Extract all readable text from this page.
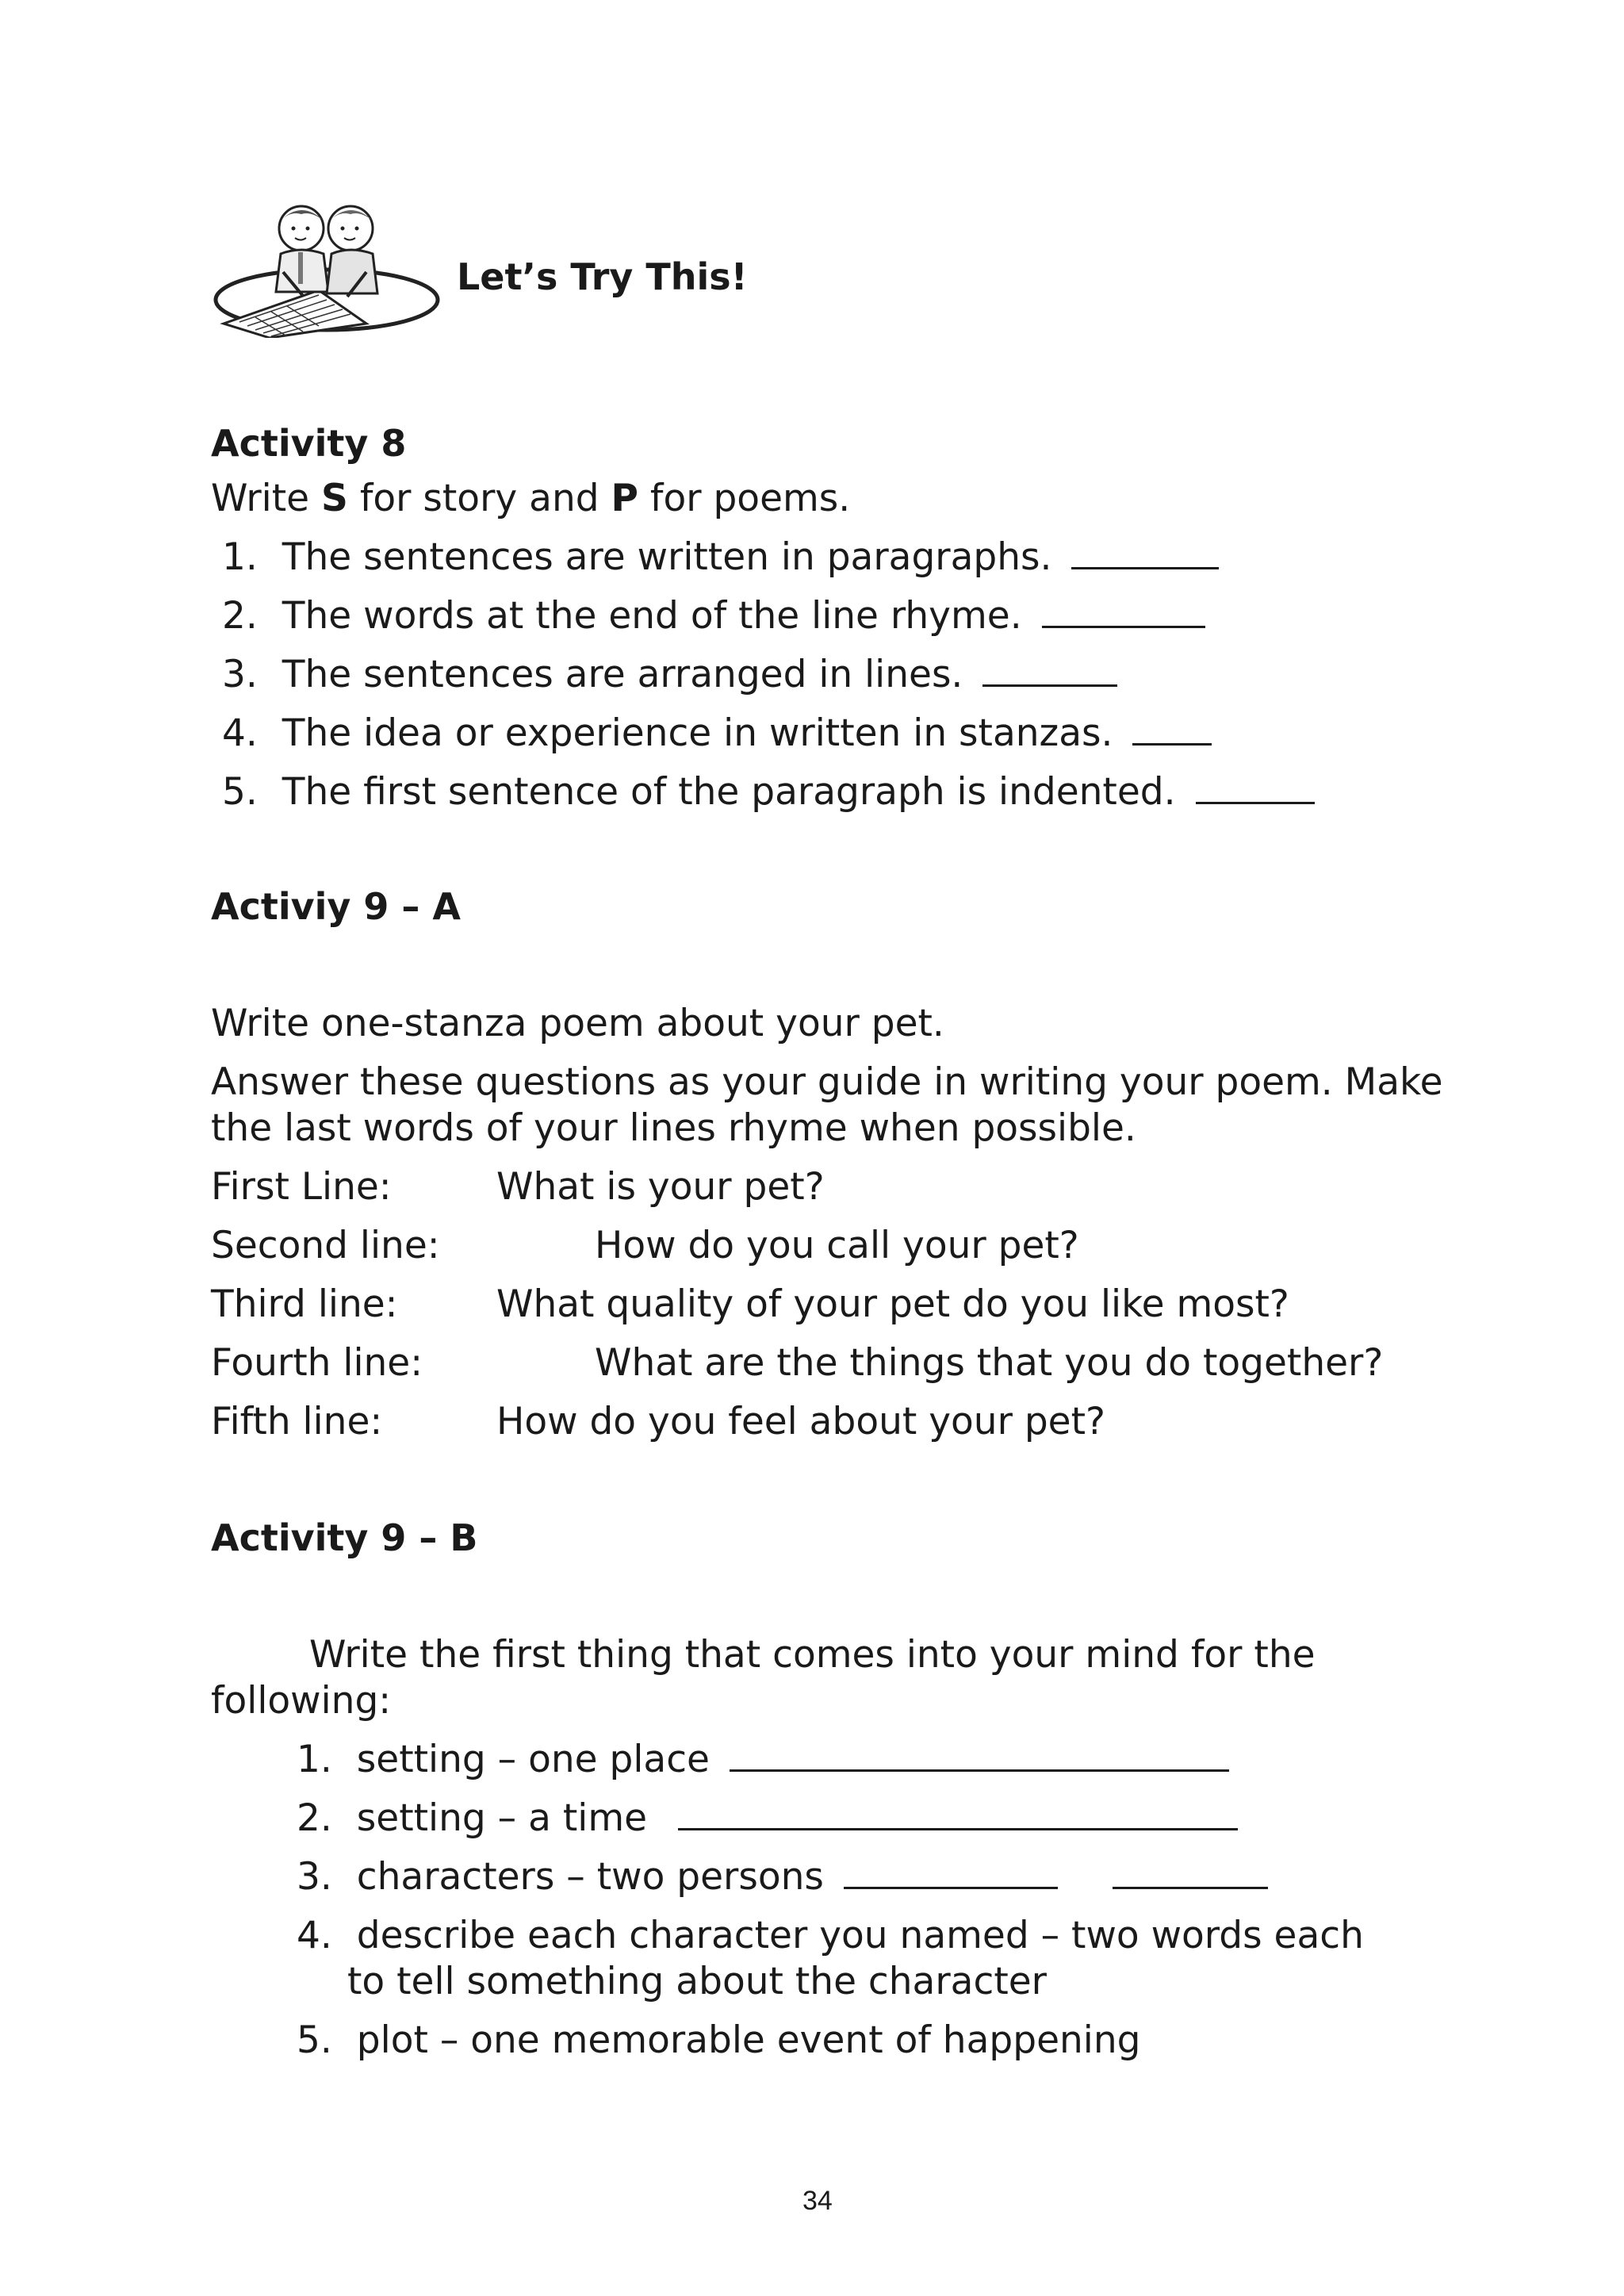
Let’s Try This!
Activity 8
Write S for story and P for poems.
1. The sentences are written in paragraphs.
2. The words at the end of the line rhyme.
3. The sentences are arranged in lines.
4. The idea or experience in written in stanzas.
5. The first sentence of the paragraph is indented.
Activiy 9 – A
Write one-stanza poem about your pet.
Answer these questions as your guide in writing your poem. Make
the last words of your lines rhyme when possible.
First Line:	What is your pet?
Second line:	How do you call your pet?
Third line:	What quality of your pet do you like most?
Fourth line:	What are the things that you do together?
Fifth line:	How do you feel about your pet?
Activity 9 – B
Write the first thing that comes into your mind for the
following:
1. setting – one place
2. setting – a time
3. characters – two persons
4. describe each character you named – two words each
to tell something about the character
5. plot – one memorable event of happening
34
